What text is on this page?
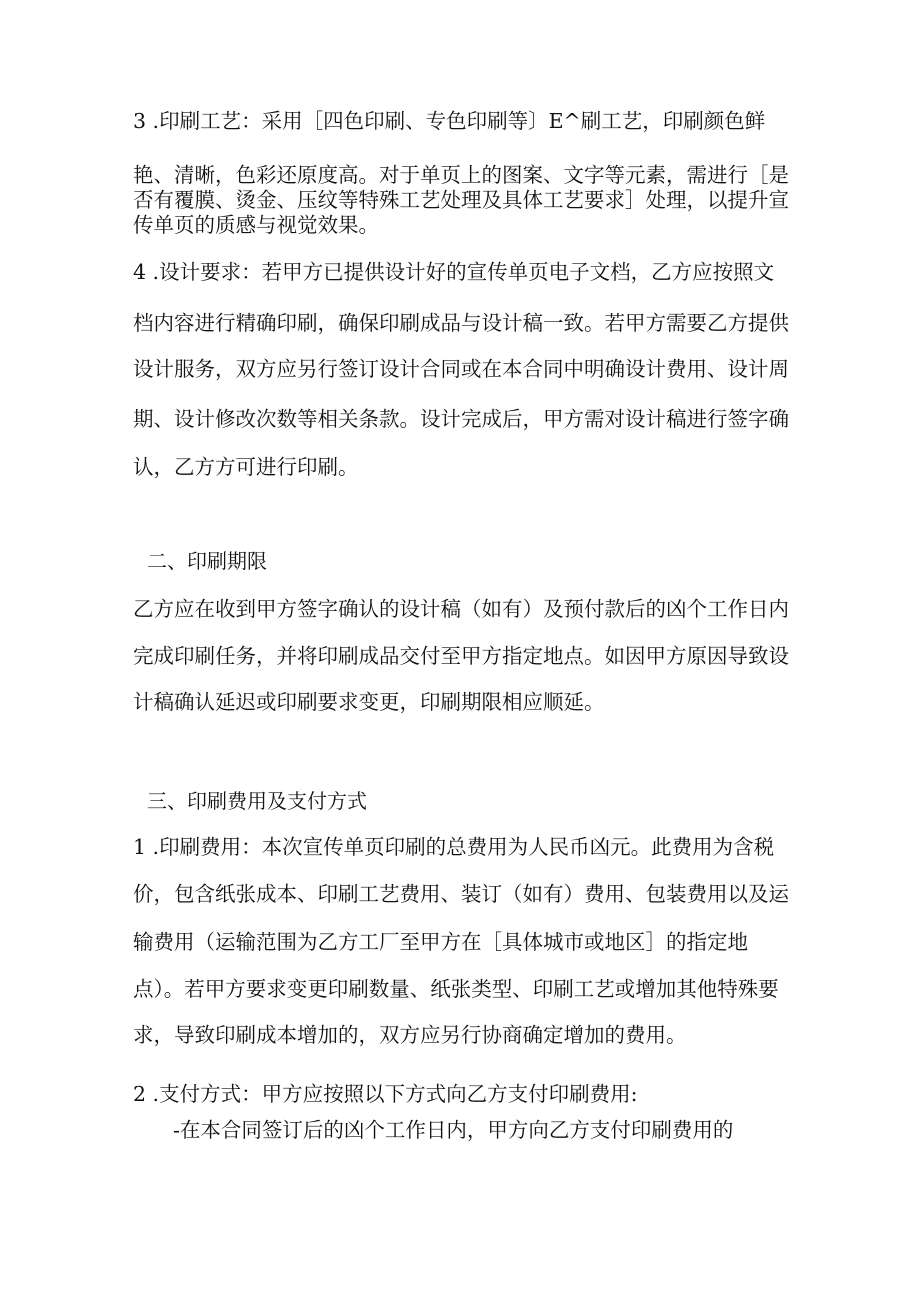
3 .印刷工艺：采用［四色印刷、专色印刷等〕E^刷工艺，印刷颜色鲜
艳、清晰，色彩还原度高。对于单页上的图案、文字等元素，需进行［是
否有覆膜、烫金、压纹等特殊工艺处理及具体工艺要求］处理，以提升宣
传单页的质感与视觉效果。
4 .设计要求：若甲方已提供设计好的宣传单页电子文档，乙方应按照文
档内容进行精确印刷，确保印刷成品与设计稿一致。若甲方需要乙方提供
设计服务，双方应另行签订设计合同或在本合同中明确设计费用、设计周
期、设计修改次数等相关条款。设计完成后，甲方需对设计稿进行签字确
认，乙方方可进行印刷。
二、印刷期限
乙方应在收到甲方签字确认的设计稿（如有）及预付款后的凶个工作日内
完成印刷任务，并将印刷成品交付至甲方指定地点。如因甲方原因导致设
计稿确认延迟或印刷要求变更，印刷期限相应顺延。
三、印刷费用及支付方式
1 .印刷费用：本次宣传单页印刷的总费用为人民币凶元。此费用为含税
价，包含纸张成本、印刷工艺费用、装订（如有）费用、包装费用以及运
输费用（运输范围为乙方工厂至甲方在［具体城市或地区］的指定地
点）。若甲方要求变更印刷数量、纸张类型、印刷工艺或增加其他特殊要
求，导致印刷成本增加的，双方应另行协商确定增加的费用。
2 .支付方式：甲方应按照以下方式向乙方支付印刷费用:
-在本合同签订后的凶个工作日内，甲方向乙方支付印刷费用的
